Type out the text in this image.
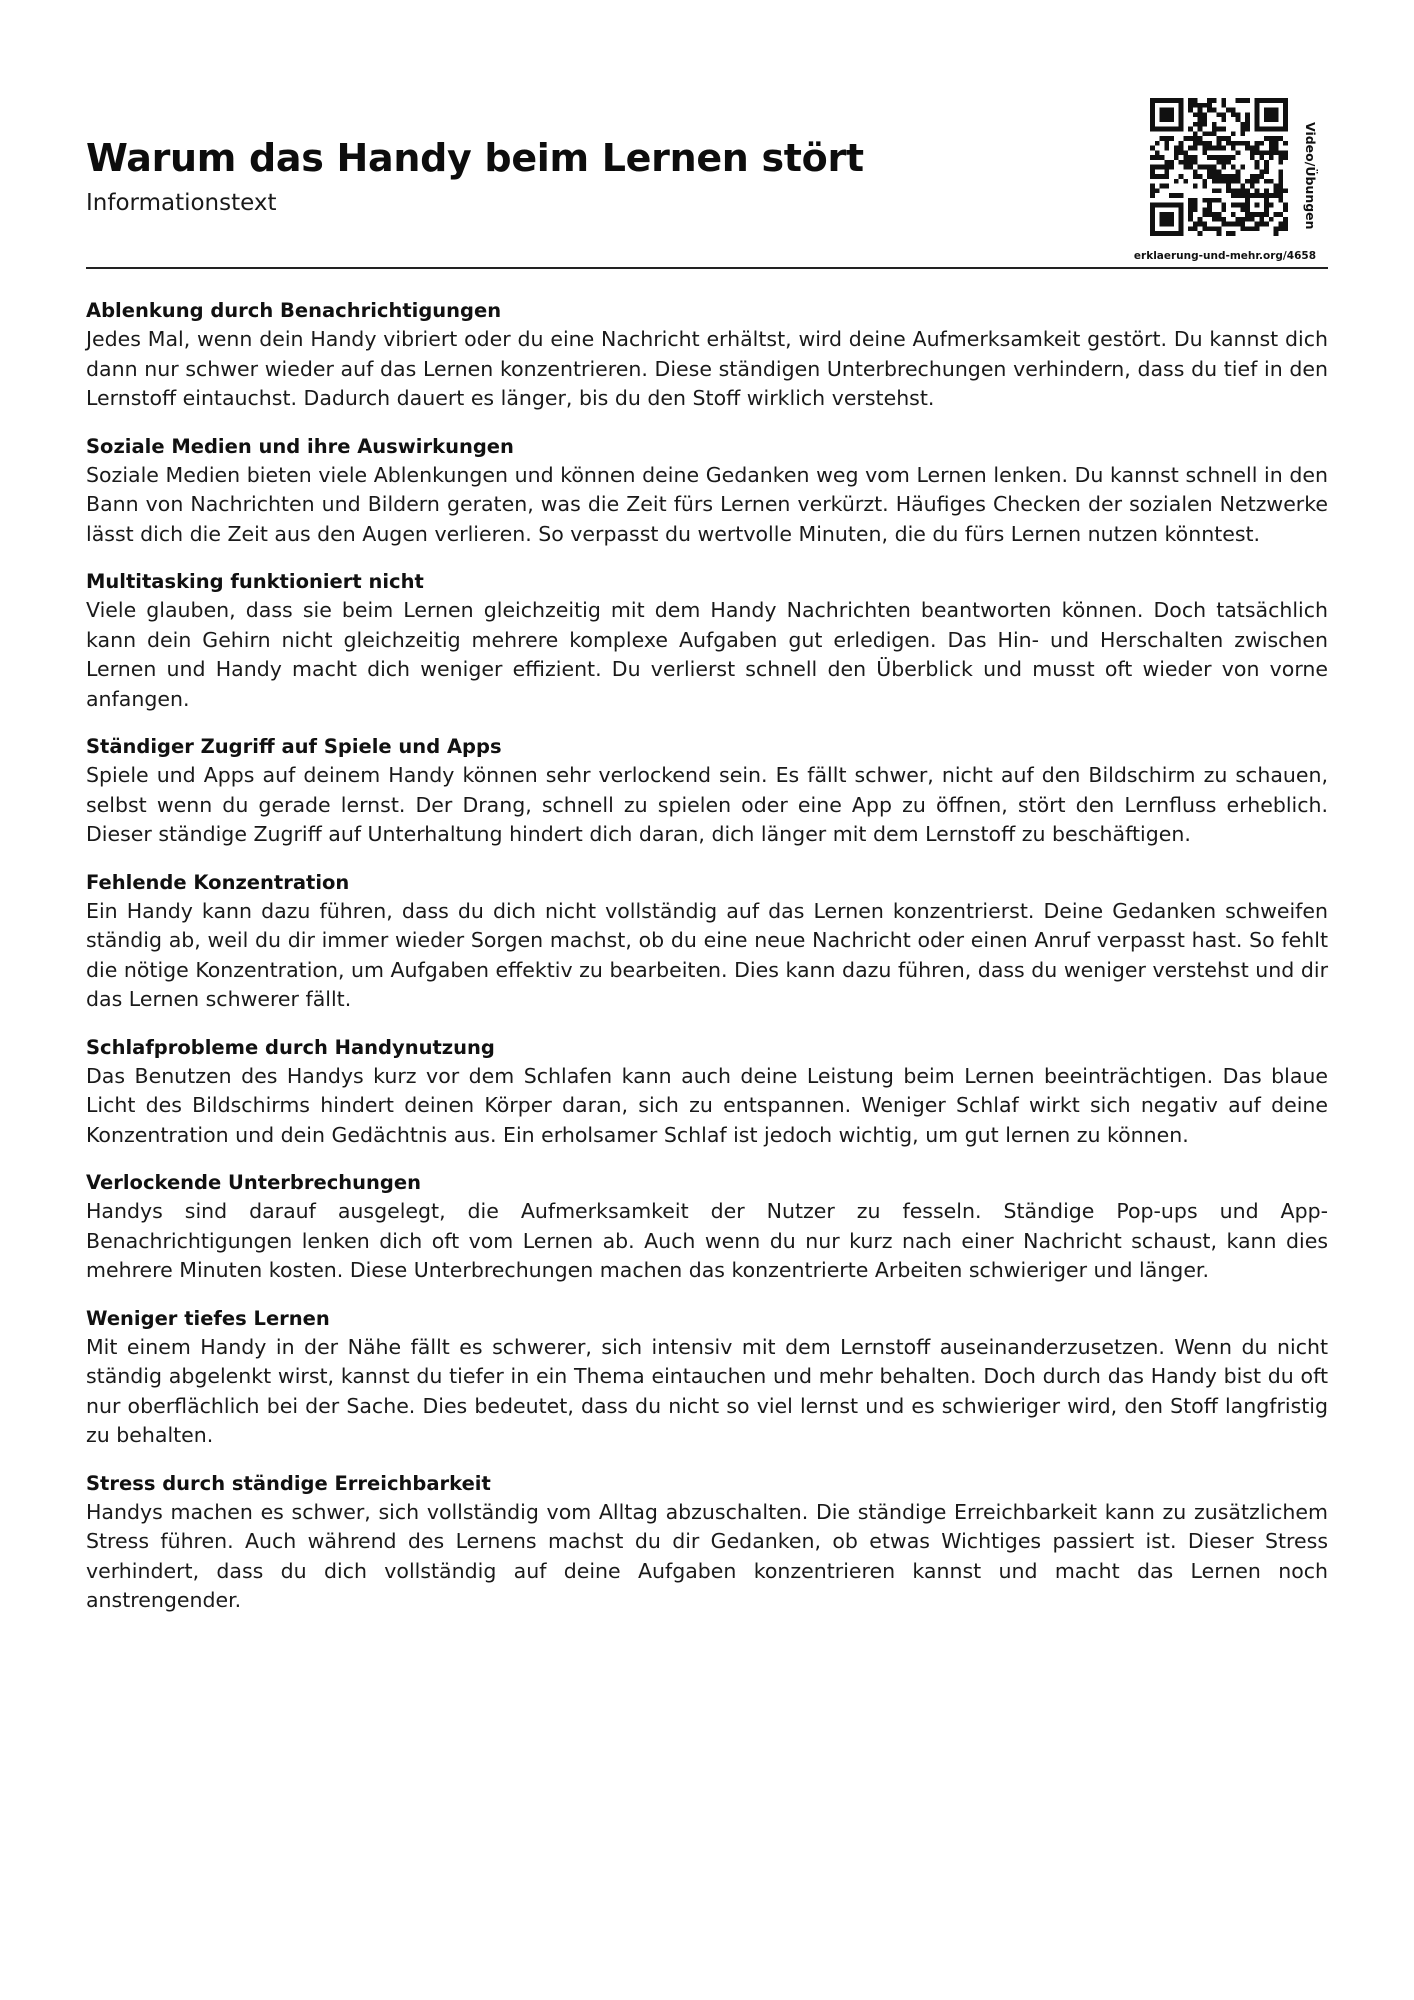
Warum das Handy beim Lernen stört
Informationstext	Video/Übungen
erklaerung-und-mehr.org/4658
Ablenkung durch Benachrichtigungen

Jedes Mal, wenn dein Handy vibriert oder du eine Nachricht erhältst, wird deine Aufmerksamkeit gestört. Du kannst dich dann nur schwer wieder auf das Lernen konzentrieren. Diese ständigen Unterbrechungen verhindern, dass du tief in den Lernstoff eintauchst. Dadurch dauert es länger, bis du den Stoff wirklich verstehst.

Soziale Medien und ihre Auswirkungen

Soziale Medien bieten viele Ablenkungen und können deine Gedanken weg vom Lernen lenken. Du kannst schnell in den Bann von Nachrichten und Bildern geraten, was die Zeit fürs Lernen verkürzt. Häufiges Checken der sozialen Netzwerke lässt dich die Zeit aus den Augen verlieren. So verpasst du wertvolle Minuten, die du fürs Lernen nutzen könntest.

Multitasking funktioniert nicht

Viele glauben, dass sie beim Lernen gleichzeitig mit dem Handy Nachrichten beantworten können. Doch tatsächlich kann dein Gehirn nicht gleichzeitig mehrere komplexe Aufgaben gut erledigen. Das Hin- und Herschalten zwischen Lernen und Handy macht dich weniger effizient. Du verlierst schnell den Überblick und musst oft wieder von vorne anfangen.

Ständiger Zugriff auf Spiele und Apps

Spiele und Apps auf deinem Handy können sehr verlockend sein. Es fällt schwer, nicht auf den Bildschirm zu schauen, selbst wenn du gerade lernst. Der Drang, schnell zu spielen oder eine App zu öffnen, stört den Lernfluss erheblich. Dieser ständige Zugriff auf Unterhaltung hindert dich daran, dich länger mit dem Lernstoff zu beschäftigen.

Fehlende Konzentration

Ein Handy kann dazu führen, dass du dich nicht vollständig auf das Lernen konzentrierst. Deine Gedanken schweifen ständig ab, weil du dir immer wieder Sorgen machst, ob du eine neue Nachricht oder einen Anruf verpasst hast. So fehlt die nötige Konzentration, um Aufgaben effektiv zu bearbeiten. Dies kann dazu führen, dass du weniger verstehst und dir das Lernen schwerer fällt.

Schlafprobleme durch Handynutzung

Das Benutzen des Handys kurz vor dem Schlafen kann auch deine Leistung beim Lernen beeinträchtigen. Das blaue Licht des Bildschirms hindert deinen Körper daran, sich zu entspannen. Weniger Schlaf wirkt sich negativ auf deine Konzentration und dein Gedächtnis aus. Ein erholsamer Schlaf ist jedoch wichtig, um gut lernen zu können.

Verlockende Unterbrechungen

Handys sind darauf ausgelegt, die Aufmerksamkeit der Nutzer zu fesseln. Ständige Pop-ups und App-Benachrichtigungen lenken dich oft vom Lernen ab. Auch wenn du nur kurz nach einer Nachricht schaust, kann dies mehrere Minuten kosten. Diese Unterbrechungen machen das konzentrierte Arbeiten schwieriger und länger.

Weniger tiefes Lernen

Mit einem Handy in der Nähe fällt es schwerer, sich intensiv mit dem Lernstoff auseinanderzusetzen. Wenn du nicht ständig abgelenkt wirst, kannst du tiefer in ein Thema eintauchen und mehr behalten. Doch durch das Handy bist du oft nur oberflächlich bei der Sache. Dies bedeutet, dass du nicht so viel lernst und es schwieriger wird, den Stoff langfristig zu behalten.

Stress durch ständige Erreichbarkeit

Handys machen es schwer, sich vollständig vom Alltag abzuschalten. Die ständige Erreichbarkeit kann zu zusätzlichem Stress führen. Auch während des Lernens machst du dir Gedanken, ob etwas Wichtiges passiert ist. Dieser Stress verhindert, dass du dich vollständig auf deine Aufgaben konzentrieren kannst und macht das Lernen noch anstrengender.
